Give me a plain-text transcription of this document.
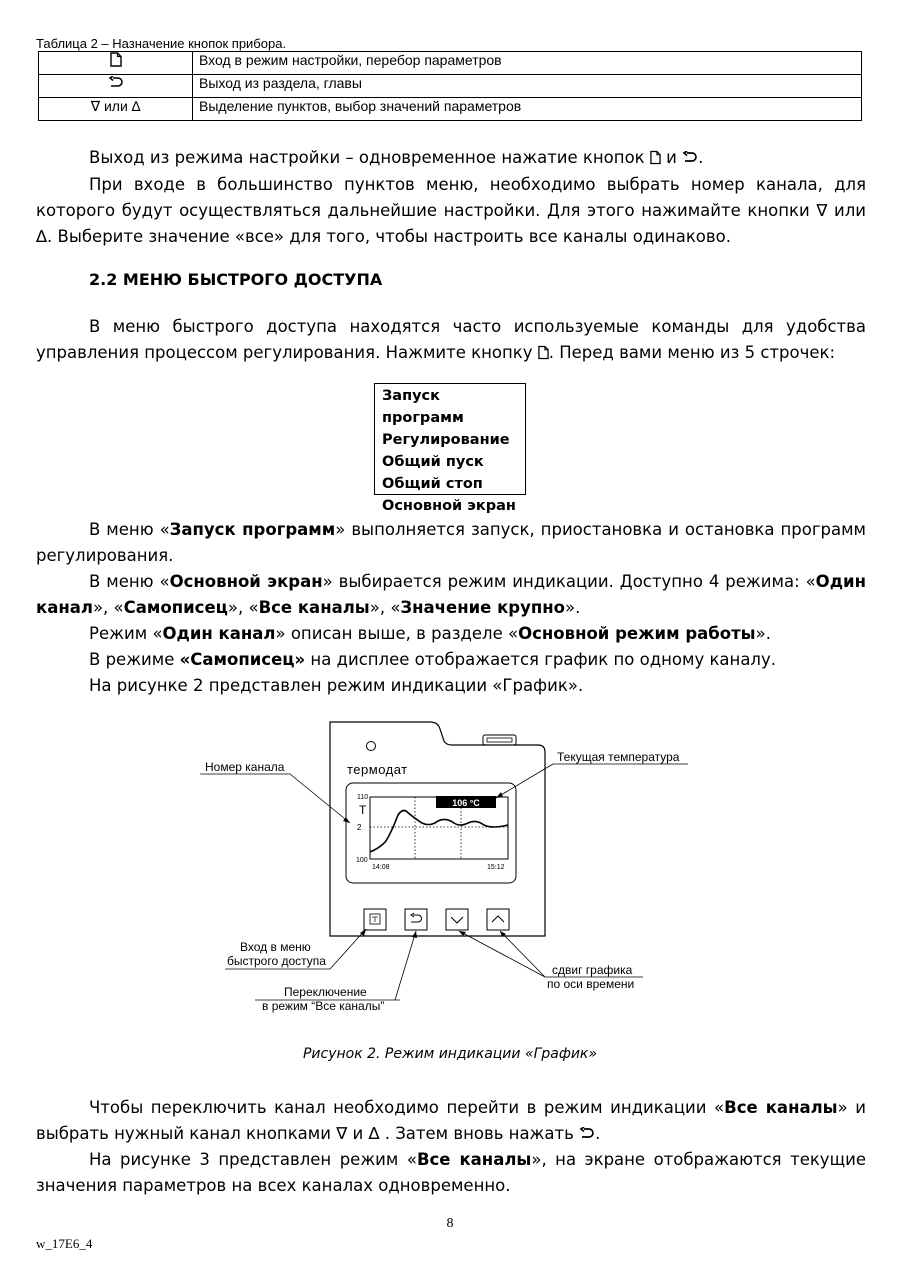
Таблица 2 – Назначение кнопок прибора.
	Вход в режим настройки, перебор параметров
	Выход из раздела, главы
∇ или ∆	Выделение пунктов, выбор значений параметров
Выход из режима настройки – одновременное нажатие кнопок  и .
При входе в большинство пунктов меню, необходимо выбрать номер канала, для которого будут осуществляться дальнейшие настройки. Для этого нажимайте кнопки ∇ или ∆. Выберите значение «все» для того, чтобы настроить все каналы одинаково.
2.2 МЕНЮ БЫСТРОГО ДОСТУПА
В меню быстрого доступа находятся часто используемые команды для удобства управления процессом регулирования. Нажмите кнопку . Перед вами меню из 5 строчек:
Запуск программ
Регулирование
Общий пуск
Общий стоп
Основной экран
В меню «Запуск программ» выполняется запуск, приостановка и остановка программ регулирования.
В меню «Основной экран» выбирается режим индикации. Доступно 4 режима: «Один канал», «Самописец», «Все каналы», «Значение крупно».
Режим «Один канал» описан выше, в разделе «Основной режим работы».
В режиме «Самописец» на дисплее отображается график по одному каналу.
На рисунке 2 представлен режим индикации «График».
термодат
106 °C
110
T
2
100
14:08	15:12
Номер канала
Текущая температура
Вход в меню
быстрого доступа
Переключение
в режим “Все каналы”
сдвиг графика
по оси времени
Рисунок 2. Режим индикации «График»
Чтобы переключить канал необходимо перейти в режим индикации «Все каналы» и выбрать нужный канал кнопками ∇ и ∆ . Затем вновь нажать .
На рисунке 3 представлен режим «Все каналы», на экране отображаются текущие значения параметров на всех каналах одновременно.
8
w_17E6_4
